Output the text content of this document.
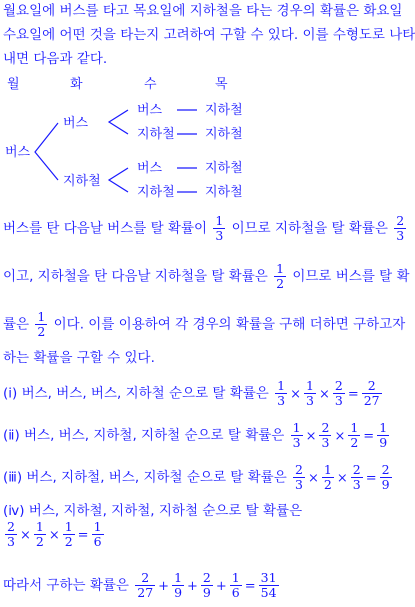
월요일에 버스를 타고 목요일에 지하철을 타는 경우의 확률은 화요일
수요일에 어떤 것을 타는지 고려하여 구할 수 있다. 이를 수형도로 나타
내면 다음과 같다.
월	화	수	목
버스
버스
지하철
버스
지하철
버스
지하철
지하철
지하철
지하철
지하철
버스를 탄 다음날 버스를 탈 확률이 $\frac{1}{3}$ 이므로 지하철을 탈 확률은 $\frac{2}{3}$
이고, 지하철을 탄 다음날 지하철을 탈 확률은 $\frac{1}{2}$ 이므로 버스를 탈 확
률은 $\frac{1}{2}$ 이다. 이를 이용하여 각 경우의 확률을 구해 더하면 구하고자
하는 확률을 구할 수 있다.
(ⅰ) 버스, 버스, 버스, 지하철 순으로 탈 확률은 $\frac{1}{3} \times \frac{1}{3} \times \frac{2}{3} = \frac{2}{27}$
(ⅱ) 버스, 버스, 지하철, 지하철 순으로 탈 확률은 $\frac{1}{3} \times \frac{2}{3} \times \frac{1}{2} = \frac{1}{9}$
(ⅲ) 버스, 지하철, 버스, 지하철 순으로 탈 확률은 $\frac{2}{3} \times \frac{1}{2} \times \frac{2}{3} = \frac{2}{9}$
(ⅳ) 버스, 지하철, 지하철, 지하철 순으로 탈 확률은
$\frac{2}{3} \times \frac{1}{2} \times \frac{1}{2} = \frac{1}{6}$
따라서 구하는 확률은 $\frac{2}{27} + \frac{1}{9} + \frac{2}{9} + \frac{1}{6} = \frac{31}{54}$
